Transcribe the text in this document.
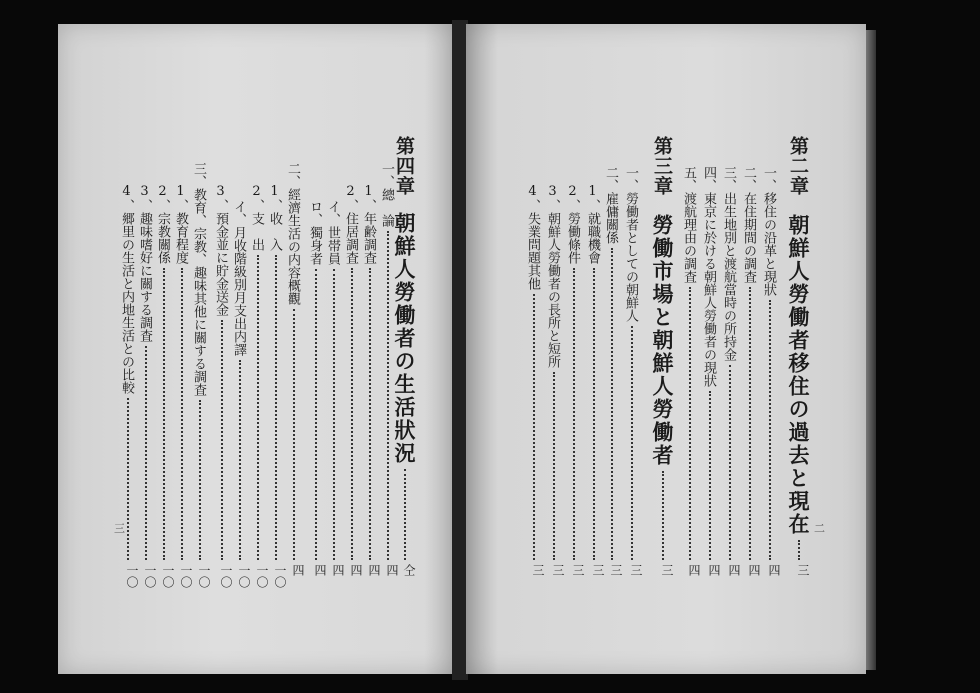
三
第四章
朝鮮人勞働者の生活狀況
仝
一、總　論
四
1、年齢調査
四
2、住居調査
四
イ、世帯員
四
ロ、獨身者
四
二、經濟生活の内容概觀
四
1、收　入
一〇
2、支　出
一〇
イ、月收階級別月支出内譯
一〇
3、預金並に貯金送金
一〇
三、教育、宗教、趣味其他に關する調査
一〇
1、教育程度
一〇
2、宗教關係
一〇
3、趣味嗜好に關する調査
一〇
4、郷里の生活と内地生活との比較
一〇
二
第二章
朝鮮人勞働者移住の過去と現在
三
一、移住の沿革と現狀
四
二、在住期間の調査
四
三、出生地別と渡航當時の所持金
四
四、東京に於ける朝鮮人勞働者の現狀
四
五、渡航理由の調査
四
第三章
勞働市場と朝鮮人勞働者
三
一、勞働者としての朝鮮人
三
二、雇傭關係
三
1、就職機會
三
2、勞働條件
三
3、朝鮮人勞働者の長所と短所
三
4、失業問題其他
三
